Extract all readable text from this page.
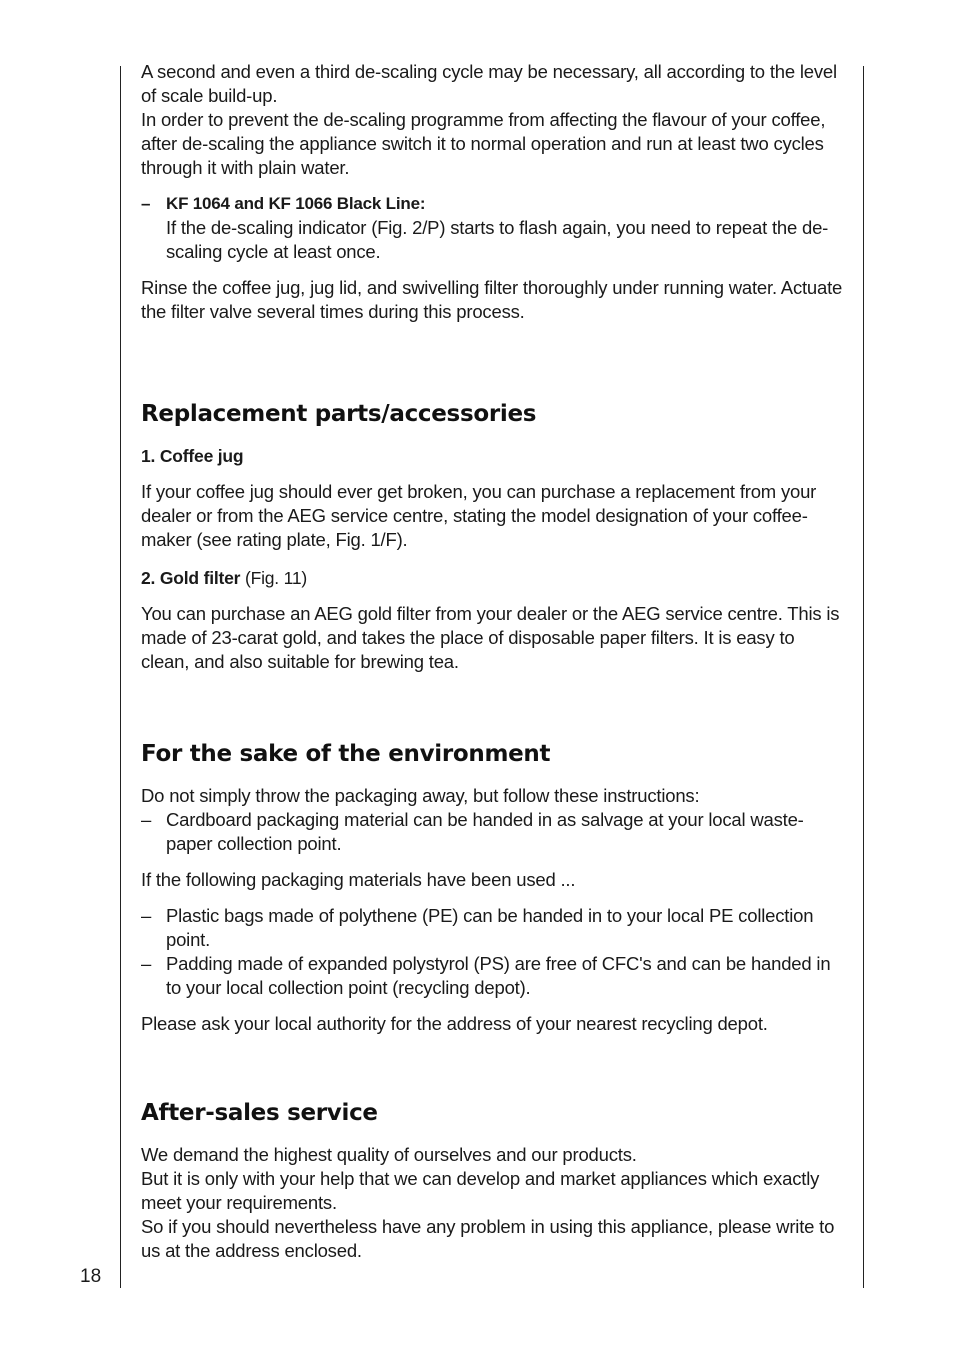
18

A second and even a third de-scaling cycle may be necessary, all according to the level of scale build-up.

In order to prevent the de-scaling programme from affecting the flavour of your coffee, after de-scaling the appliance switch it to normal operation and run at least two cycles through it with plain water.

– KF 1064 and KF 1066 Black Line:
If the de-scaling indicator (Fig. 2/P) starts to flash again, you need to repeat the de-scaling cycle at least once.

Rinse the coffee jug, jug lid, and swivelling filter thoroughly under running water. Actuate the filter valve several times during this process.

Replacement parts/accessories

1. Coffee jug

If your coffee jug should ever get broken, you can purchase a replacement from your dealer or from the AEG service centre, stating the model designation of your coffee-maker (see rating plate, Fig. 1/F).

2. Gold filter (Fig. 11)

You can purchase an AEG gold filter from your dealer or the AEG service centre. This is made of 23-carat gold, and takes the place of disposable paper filters. It is easy to clean, and also suitable for brewing tea.

For the sake of the environment

Do not simply throw the packaging away, but follow these instructions:

– Cardboard packaging material can be handed in as salvage at your local waste-paper collection point.

If the following packaging materials have been used ...

– Plastic bags made of polythene (PE) can be handed in to your local PE collection point.
– Padding made of expanded polystyrol (PS) are free of CFC's and can be handed in to your local collection point (recycling depot).

Please ask your local authority for the address of your nearest recycling depot.

After-sales service

We demand the highest quality of ourselves and our products.

But it is only with your help that we can develop and market appliances which exactly meet your requirements.

So if you should nevertheless have any problem in using this appliance, please write to us at the address enclosed.
